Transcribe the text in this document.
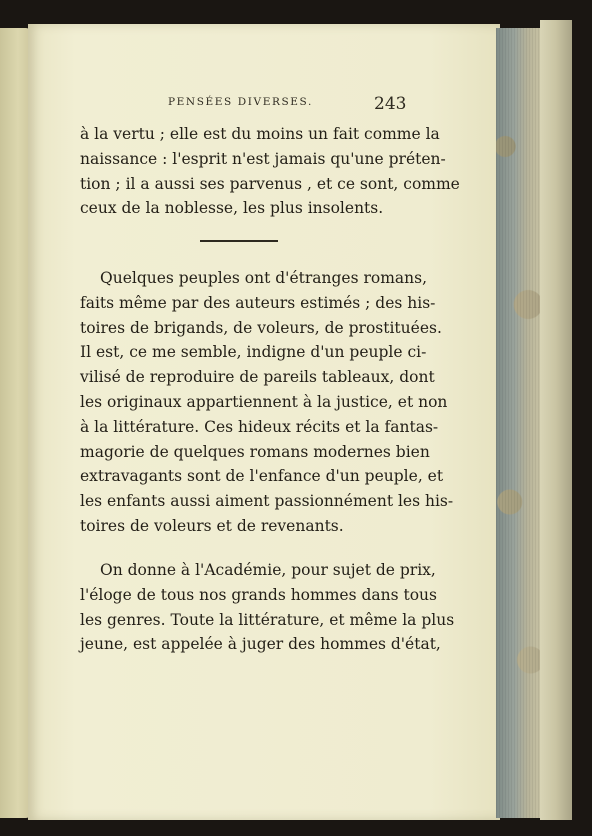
PENSÉES DIVERSES.	243
à la vertu ; elle est du moins un fait comme la
naissance : l'esprit n'est jamais qu'une préten-
tion ; il a aussi ses parvenus , et ce sont, comme
ceux de la noblesse, les plus insolents.
Quelques peuples ont d'étranges romans,
faits même par des auteurs estimés ; des his-
toires de brigands, de voleurs, de prostituées.
Il est, ce me semble, indigne d'un peuple ci-
vilisé de reproduire de pareils tableaux, dont
les originaux appartiennent à la justice, et non
à la littérature. Ces hideux récits et la fantas-
magorie de quelques romans modernes bien
extravagants sont de l'enfance d'un peuple, et
les enfants aussi aiment passionnément les his-
toires de voleurs et de revenants.
On donne à l'Académie, pour sujet de prix,
l'éloge de tous nos grands hommes dans tous
les genres. Toute la littérature, et même la plus
jeune, est appelée à juger des hommes d'état,
